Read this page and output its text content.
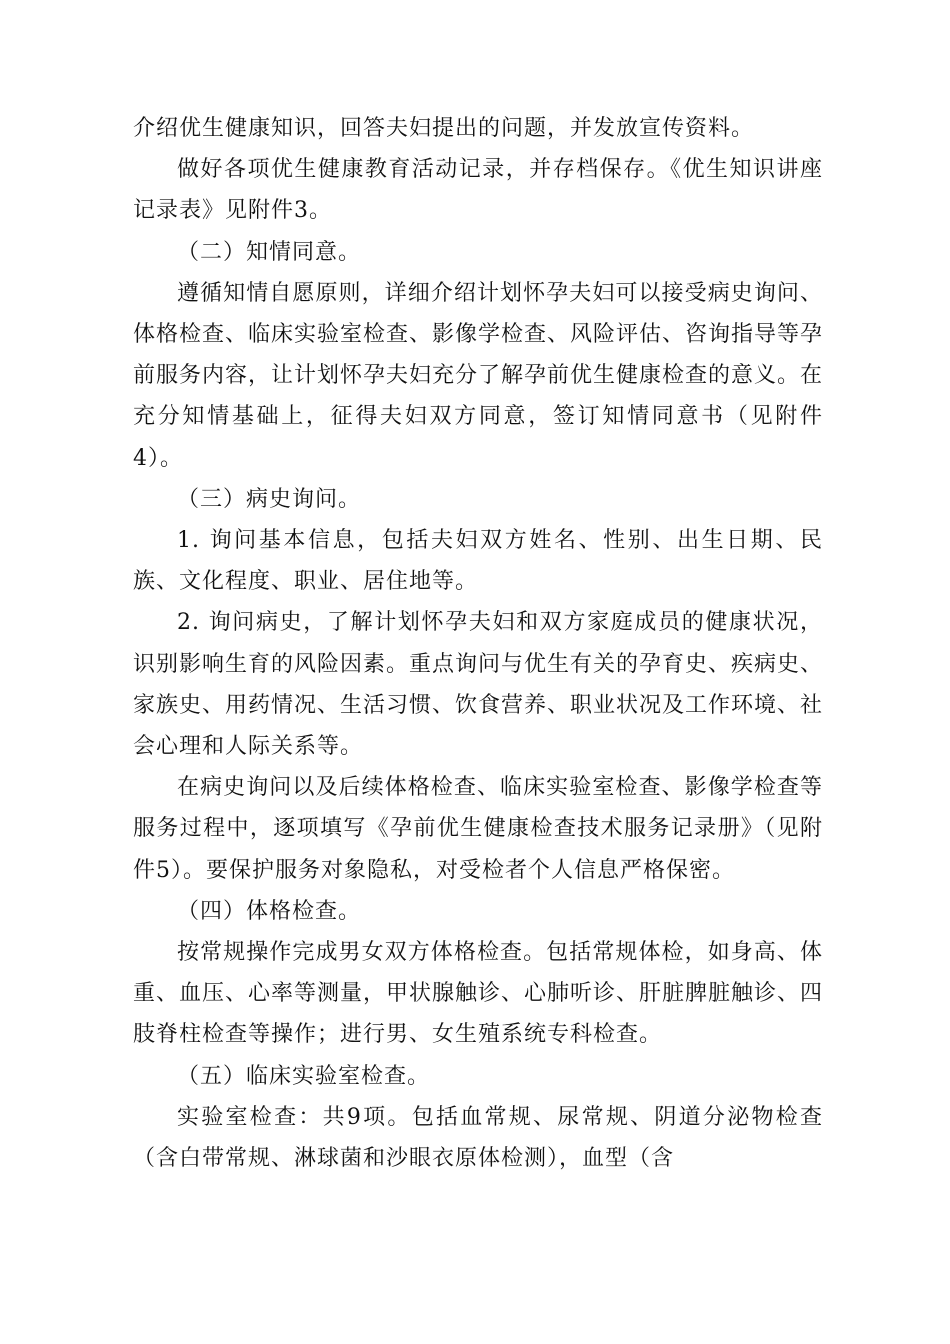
介绍优生健康知识，回答夫妇提出的问题，并发放宣传资料。

做好各项优生健康教育活动记录，并存档保存。《优生知识讲座记录表》见附件3。

（二）知情同意。

遵循知情自愿原则，详细介绍计划怀孕夫妇可以接受病史询问、体格检查、临床实验室检查、影像学检查、风险评估、咨询指导等孕前服务内容，让计划怀孕夫妇充分了解孕前优生健康检查的意义。在充分知情基础上，征得夫妇双方同意，签订知情同意书（见附件4）。

（三）病史询问。

1. 询问基本信息，包括夫妇双方姓名、性别、出生日期、民族、文化程度、职业、居住地等。

2. 询问病史，了解计划怀孕夫妇和双方家庭成员的健康状况，识别影响生育的风险因素。重点询问与优生有关的孕育史、疾病史、家族史、用药情况、生活习惯、饮食营养、职业状况及工作环境、社会心理和人际关系等。

在病史询问以及后续体格检查、临床实验室检查、影像学检查等服务过程中，逐项填写《孕前优生健康检查技术服务记录册》（见附件5）。要保护服务对象隐私，对受检者个人信息严格保密。

（四）体格检查。

按常规操作完成男女双方体格检查。包括常规体检，如身高、体重、血压、心率等测量，甲状腺触诊、心肺听诊、肝脏脾脏触诊、四肢脊柱检查等操作；进行男、女生殖系统专科检查。

（五）临床实验室检查。

实验室检查：共9项。包括血常规、尿常规、阴道分泌物检查（含白带常规、淋球菌和沙眼衣原体检测），血型（含
